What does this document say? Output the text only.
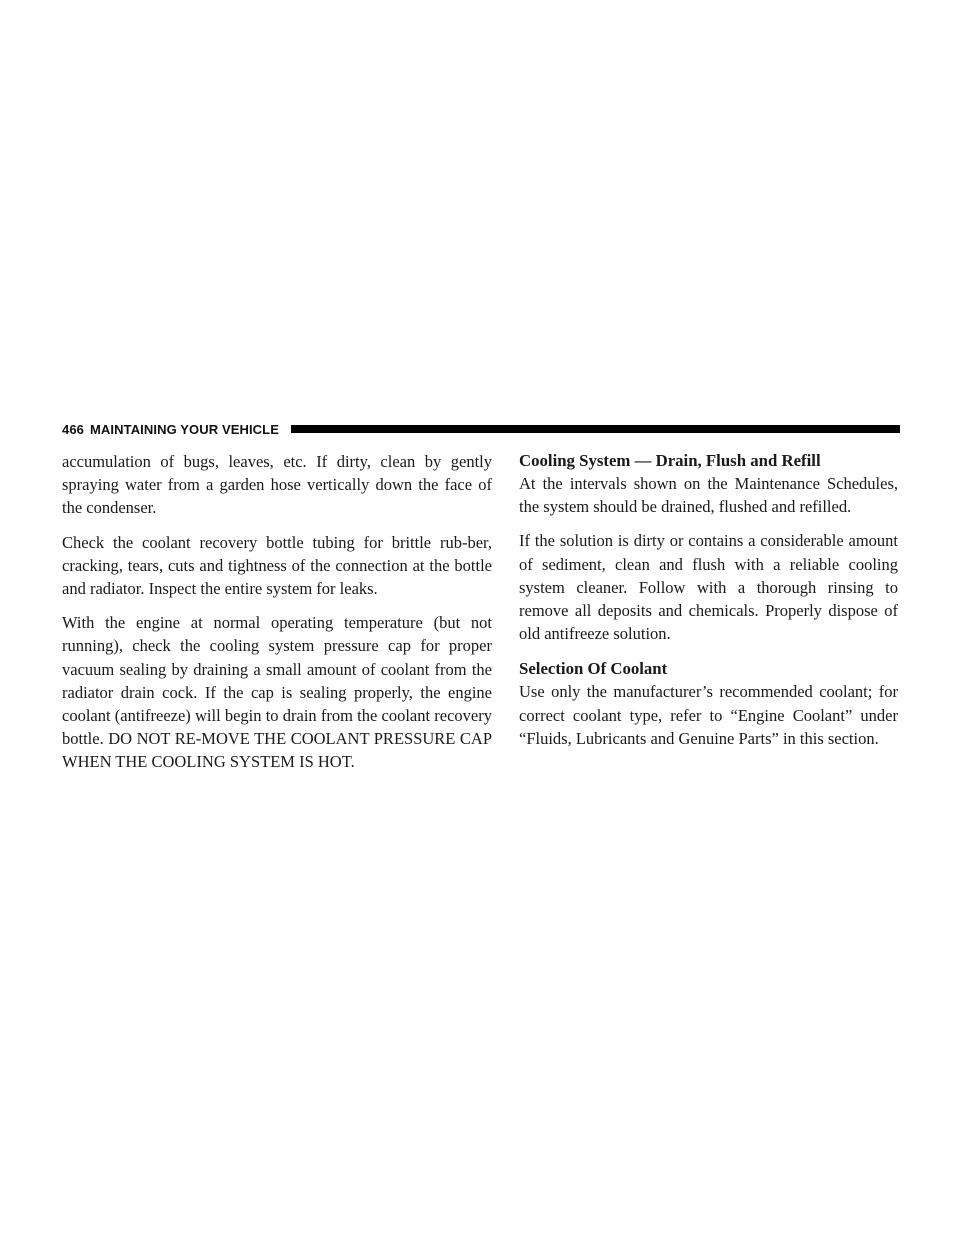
466 MAINTAINING YOUR VEHICLE

accumulation of bugs, leaves, etc. If dirty, clean by gently spraying water from a garden hose vertically down the face of the condenser.

Check the coolant recovery bottle tubing for brittle rub-ber, cracking, tears, cuts and tightness of the connection at the bottle and radiator. Inspect the entire system for leaks.

With the engine at normal operating temperature (but not running), check the cooling system pressure cap for proper vacuum sealing by draining a small amount of coolant from the radiator drain cock. If the cap is sealing properly, the engine coolant (antifreeze) will begin to drain from the coolant recovery bottle. DO NOT RE-MOVE THE COOLANT PRESSURE CAP WHEN THE COOLING SYSTEM IS HOT.

Cooling System — Drain, Flush and Refill

At the intervals shown on the Maintenance Schedules, the system should be drained, flushed and refilled.

If the solution is dirty or contains a considerable amount of sediment, clean and flush with a reliable cooling system cleaner. Follow with a thorough rinsing to remove all deposits and chemicals. Properly dispose of old antifreeze solution.

Selection Of Coolant

Use only the manufacturer’s recommended coolant; for correct coolant type, refer to “Engine Coolant” under “Fluids, Lubricants and Genuine Parts” in this section.
